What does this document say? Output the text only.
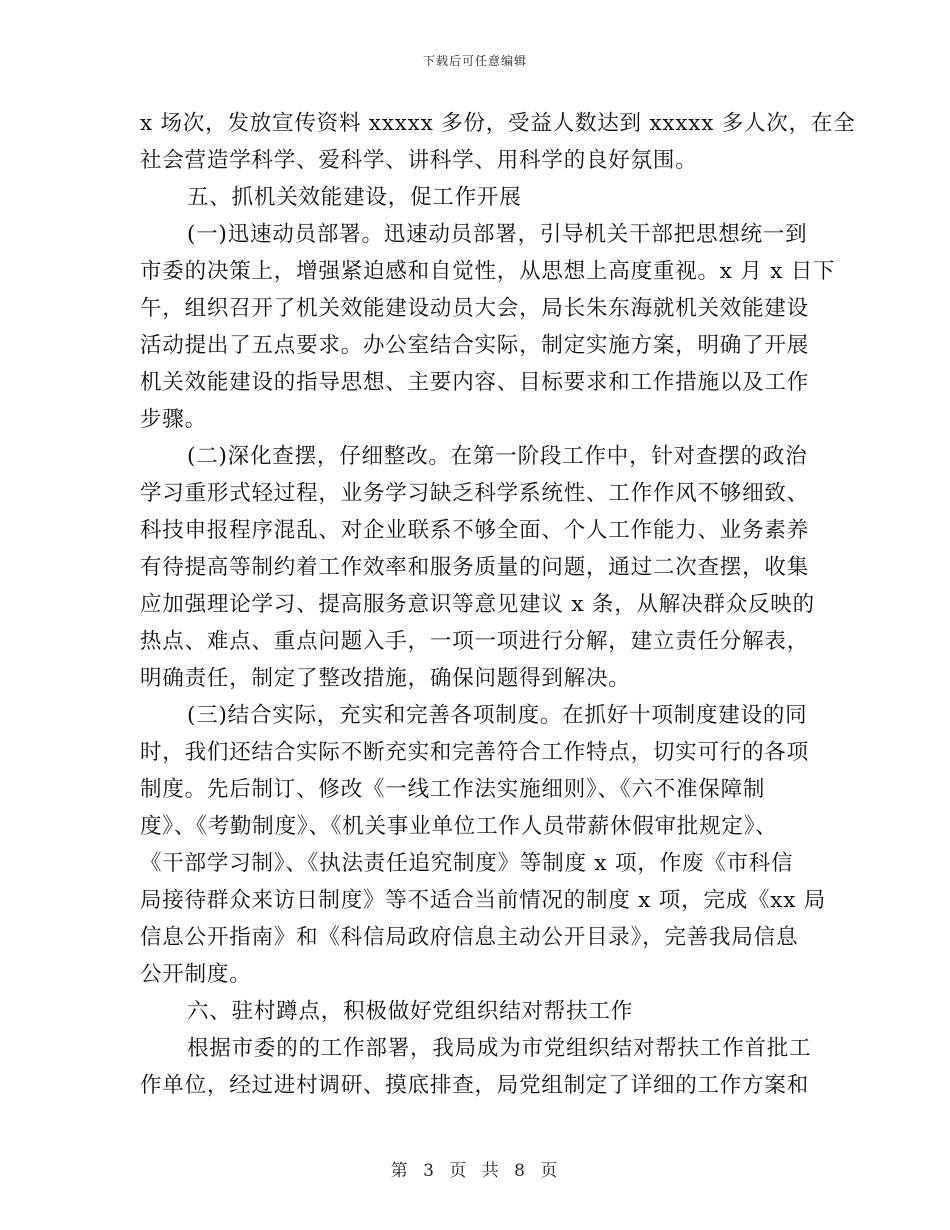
下载后可任意编辑
x 场次，发放宣传资料 xxxxx 多份，受益人数达到 xxxxx 多人次，在全
社会营造学科学、爱科学、讲科学、用科学的良好氛围。
五、抓机关效能建设，促工作开展
(一)迅速动员部署。迅速动员部署，引导机关干部把思想统一到
市委的决策上，增强紧迫感和自觉性，从思想上高度重视。x 月 x 日下
午，组织召开了机关效能建设动员大会，局长朱东海就机关效能建设
活动提出了五点要求。办公室结合实际，制定实施方案，明确了开展
机关效能建设的指导思想、主要内容、目标要求和工作措施以及工作
步骤。
(二)深化查摆，仔细整改。在第一阶段工作中，针对查摆的政治
学习重形式轻过程，业务学习缺乏科学系统性、工作作风不够细致、
科技申报程序混乱、对企业联系不够全面、个人工作能力、业务素养
有待提高等制约着工作效率和服务质量的问题，通过二次查摆，收集
应加强理论学习、提高服务意识等意见建议 x 条，从解决群众反映的
热点、难点、重点问题入手，一项一项进行分解，建立责任分解表，
明确责任，制定了整改措施，确保问题得到解决。
(三)结合实际，充实和完善各项制度。在抓好十项制度建设的同
时，我们还结合实际不断充实和完善符合工作特点，切实可行的各项
制度。先后制订、修改《一线工作法实施细则》、《六不准保障制
度》、《考勤制度》、《机关事业单位工作人员带薪休假审批规定》、
《干部学习制》、《执法责任追究制度》等制度 x 项，作废《市科信
局接待群众来访日制度》等不适合当前情况的制度 x 项，完成《xx 局
信息公开指南》和《科信局政府信息主动公开目录》，完善我局信息
公开制度。
六、驻村蹲点，积极做好党组织结对帮扶工作
根据市委的的工作部署，我局成为市党组织结对帮扶工作首批工
作单位，经过进村调研、摸底排查，局党组制定了详细的工作方案和
第 3 页 共 8 页
